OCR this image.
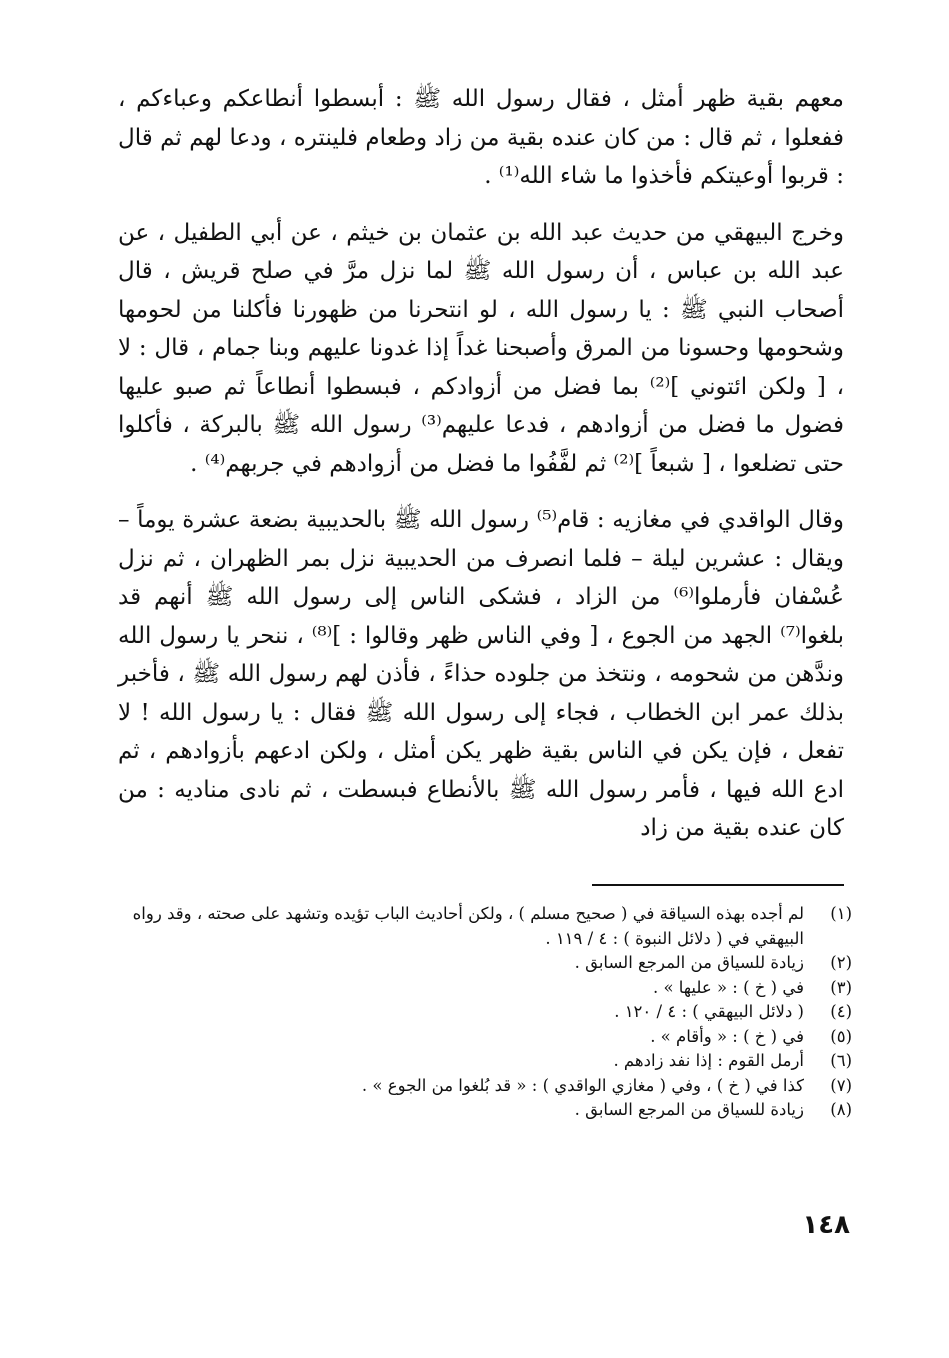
معهم بقية ظهر أمثل ، فقال رسول الله ﷺ : أبسطوا أنطاعكم وعباءكم ، ففعلوا ، ثم قال : من كان عنده بقية من زاد وطعام فلينتره ، ودعا لهم ثم قال : قربوا أوعيتكم فأخذوا ما شاء الله⁽¹⁾ .

وخرج البيهقي من حديث عبد الله بن عثمان بن خيثم ، عن أبي الطفيل ، عن عبد الله بن عباس ، أن رسول الله ﷺ لما نزل مرَّ في صلح قريش ، قال أصحاب النبي ﷺ : يا رسول الله ، لو انتحرنا من ظهورنا فأكلنا من لحومها وشحومها وحسونا من المرق وأصبحنا غداً إذا غدونا عليهم وبنا جمام ، قال : لا ، [ ولكن ائتوني ]⁽²⁾ بما فضل من أزوادكم ، فبسطوا أنطاعاً ثم صبو عليها فضول ما فضل من أزوادهم ، فدعا عليهم⁽³⁾ رسول الله ﷺ بالبركة ، فأكلوا حتى تضلعوا ، [ شبعاً ]⁽²⁾ ثم لفَّفُوا ما فضل من أزوادهم في جربهم⁽⁴⁾ .

وقال الواقدي في مغازيه : قام⁽⁵⁾ رسول الله ﷺ بالحديبية بضعة عشرة يوماً – ويقال : عشرين ليلة – فلما انصرف من الحديبية نزل بمر الظهران ، ثم نزل عُسْفان فأرملوا⁽⁶⁾ من الزاد ، فشكى الناس إلى رسول الله ﷺ أنهم قد بلغوا⁽⁷⁾ الجهد من الجوع ، [ وفي الناس ظهر وقالوا : ]⁽⁸⁾ ، ننحر يا رسول الله وندَّهن من شحومه ، ونتخذ من جلوده حذاءً ، فأذن لهم رسول الله ﷺ ، فأخبر بذلك عمر ابن الخطاب ، فجاء إلى رسول الله ﷺ فقال : يا رسول الله ! لا تفعل ، فإن يكن في الناس بقية ظهر يكن أمثل ، ولكن ادعهم بأزوادهم ، ثم ادع الله فيها ، فأمر رسول الله ﷺ بالأنطاع فبسطت ، ثم نادى مناديه : من كان عنده بقية من زاد

(١)
لم أجده بهذه السياقة في ( صحيح مسلم ) ، ولكن أحاديث الباب تؤيده وتشهد على صحته ، وقد رواه البيهقي في ( دلائل النبوة ) : ٤ / ١١٩ .
(٢)
زيادة للسياق من المرجع السابق .
(٣)
في ( خ ) : « عليها » .
(٤)
( دلائل البيهقي ) : ٤ / ١٢٠ .
(٥)
في ( خ ) : « وأقام » .
(٦)
أرمل القوم : إذا نفد زادهم .
(٧)
كذا في ( خ ) ، وفي ( مغازي الواقدي ) : « قد بُلغوا من الجوع » .
(٨)
زيادة للسياق من المرجع السابق .
١٤٨
